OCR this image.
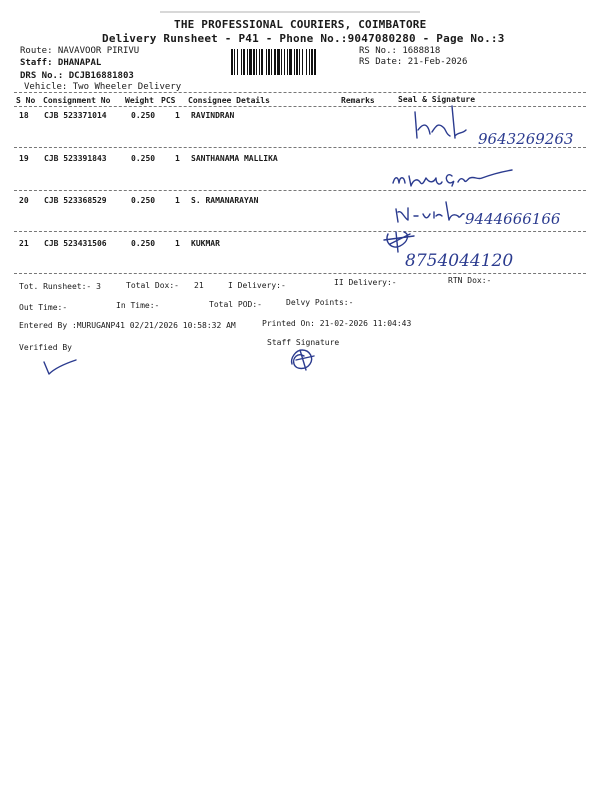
THE PROFESSIONAL COURIERS, COIMBATORE
Delivery Runsheet - P41 - Phone No.:9047080280 - Page No.:3
Route: NAVAVOOR PIRIVU
Staff: DHANAPAL
DRS No.: DCJB16881803
Vehicle: Two Wheeler Delivery
RS No.: 1688818
RS Date: 21-Feb-2026
S No Consignment No Weight PCS Consignee Details	Remarks	Seal & Signature
18 CJB 523371014	0.250 1 RAVINDRAN
19 CJB 523391843	0.250 1 SANTHANAMA MALLIKA
20 CJB 523368529	0.250 1 S. RAMANARAYAN
21 CJB 523431506	0.250 1 KUKMAR
9643269263
9444666166
8754044120
Tot. Runsheet:- 3	Total Dox:- 21	I Delivery:-	II Delivery:-	RTN Dox:-
Out Time:-	In Time:-	Total POD:-	Delvy Points:-
Entered By :MURUGANP41 02/21/2026 10:58:32 AM	Printed On: 21-02-2026 11:04:43
Verified By
Staff Signature
